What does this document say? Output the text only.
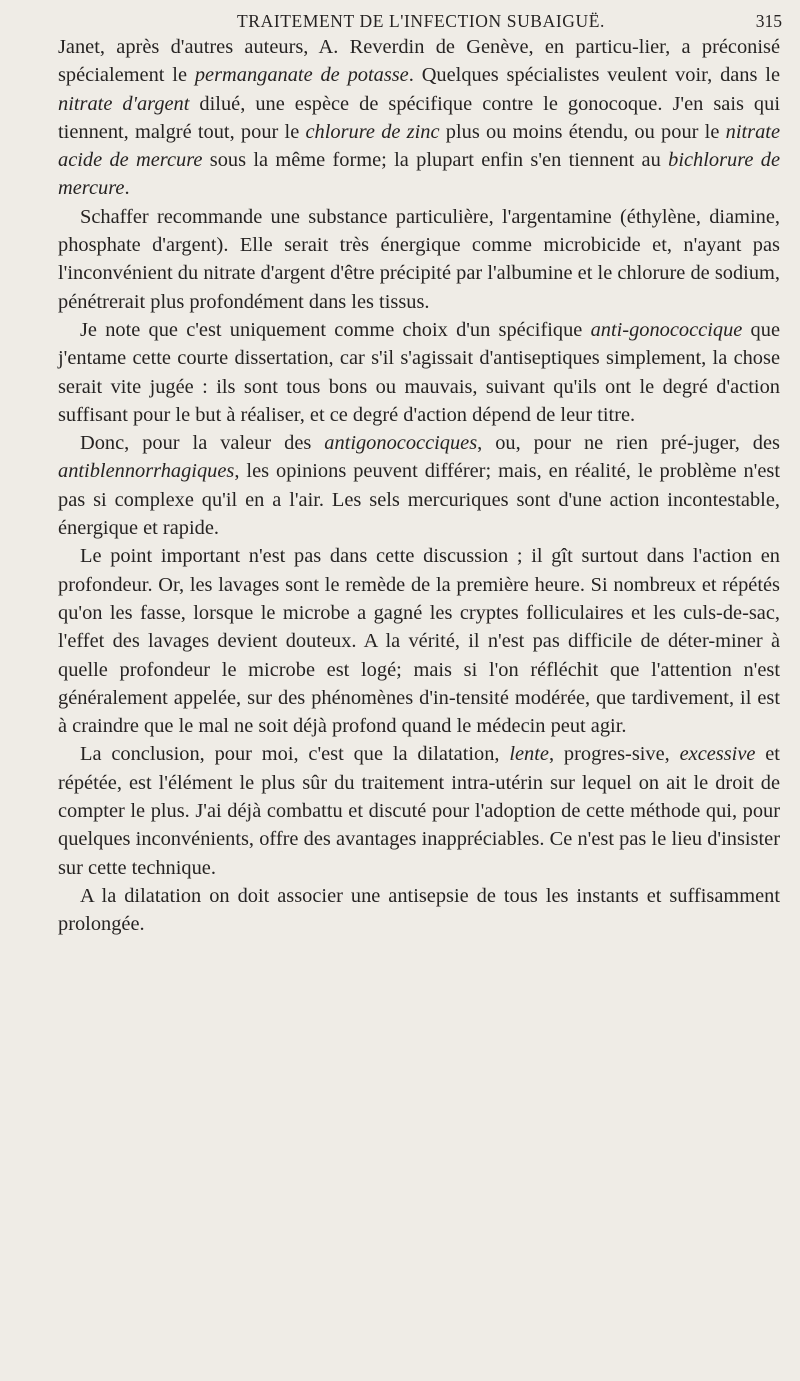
TRAITEMENT DE L'INFECTION SUBAIGUË.	315

Janet, après d'autres auteurs, A. Reverdin de Genève, en particu-lier, a préconisé spécialement le permanganate de potasse. Quelques spécialistes veulent voir, dans le nitrate d'argent dilué, une espèce de spécifique contre le gonocoque. J'en sais qui tiennent, malgré tout, pour le chlorure de zinc plus ou moins étendu, ou pour le nitrate acide de mercure sous la même forme; la plupart enfin s'en tiennent au bichlorure de mercure.

Schaffer recommande une substance particulière, l'argentamine (éthylène, diamine, phosphate d'argent). Elle serait très énergique comme microbicide et, n'ayant pas l'inconvénient du nitrate d'argent d'être précipité par l'albumine et le chlorure de sodium, pénétrerait plus profondément dans les tissus.

Je note que c'est uniquement comme choix d'un spécifique anti-gonococcique que j'entame cette courte dissertation, car s'il s'agissait d'antiseptiques simplement, la chose serait vite jugée : ils sont tous bons ou mauvais, suivant qu'ils ont le degré d'action suffisant pour le but à réaliser, et ce degré d'action dépend de leur titre.

Donc, pour la valeur des antigonococciques, ou, pour ne rien pré-juger, des antiblennorrhagiques, les opinions peuvent différer; mais, en réalité, le problème n'est pas si complexe qu'il en a l'air. Les sels mercuriques sont d'une action incontestable, énergique et rapide.

Le point important n'est pas dans cette discussion ; il gît surtout dans l'action en profondeur. Or, les lavages sont le remède de la première heure. Si nombreux et répétés qu'on les fasse, lorsque le microbe a gagné les cryptes folliculaires et les culs-de-sac, l'effet des lavages devient douteux. A la vérité, il n'est pas difficile de déter-miner à quelle profondeur le microbe est logé; mais si l'on réfléchit que l'attention n'est généralement appelée, sur des phénomènes d'in-tensité modérée, que tardivement, il est à craindre que le mal ne soit déjà profond quand le médecin peut agir.

La conclusion, pour moi, c'est que la dilatation, lente, progres-sive, excessive et répétée, est l'élément le plus sûr du traitement intra-utérin sur lequel on ait le droit de compter le plus. J'ai déjà combattu et discuté pour l'adoption de cette méthode qui, pour quelques inconvénients, offre des avantages inappréciables. Ce n'est pas le lieu d'insister sur cette technique.

A la dilatation on doit associer une antisepsie de tous les instants et suffisamment prolongée.
